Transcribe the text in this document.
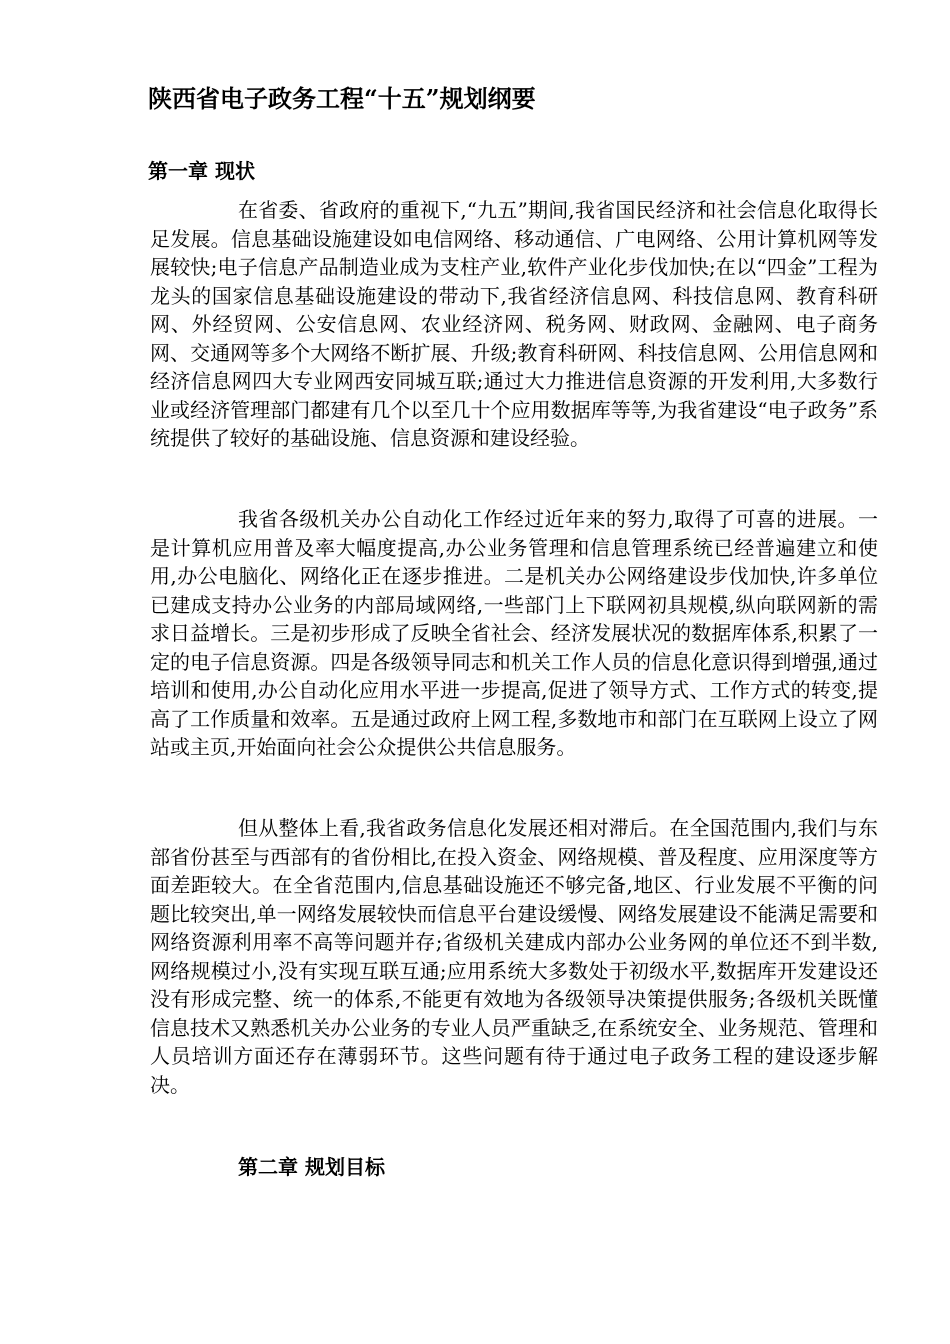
陕西省电子政务工程“十五”规划纲要
第一章 现状

在省委、省政府的重视下,“九五”期间,我省国民经济和社会信息化取得长足发展。信息基础设施建设如电信网络、移动通信、广电网络、公用计算机网等发展较快;电子信息产品制造业成为支柱产业,软件产业化步伐加快;在以“四金”工程为龙头的国家信息基础设施建设的带动下,我省经济信息网、科技信息网、教育科研网、外经贸网、公安信息网、农业经济网、税务网、财政网、金融网、电子商务网、交通网等多个大网络不断扩展、升级;教育科研网、科技信息网、公用信息网和经济信息网四大专业网西安同城互联;通过大力推进信息资源的开发利用,大多数行业或经济管理部门都建有几个以至几十个应用数据库等等,为我省建设“电子政务”系统提供了较好的基础设施、信息资源和建设经验。

我省各级机关办公自动化工作经过近年来的努力,取得了可喜的进展。一是计算机应用普及率大幅度提高,办公业务管理和信息管理系统已经普遍建立和使用,办公电脑化、网络化正在逐步推进。二是机关办公网络建设步伐加快,许多单位已建成支持办公业务的内部局域网络,一些部门上下联网初具规模,纵向联网新的需求日益增长。三是初步形成了反映全省社会、经济发展状况的数据库体系,积累了一定的电子信息资源。四是各级领导同志和机关工作人员的信息化意识得到增强,通过培训和使用,办公自动化应用水平进一步提高,促进了领导方式、工作方式的转变,提高了工作质量和效率。五是通过政府上网工程,多数地市和部门在互联网上设立了网站或主页,开始面向社会公众提供公共信息服务。

但从整体上看,我省政务信息化发展还相对滞后。在全国范围内,我们与东部省份甚至与西部有的省份相比,在投入资金、网络规模、普及程度、应用深度等方面差距较大。在全省范围内,信息基础设施还不够完备,地区、行业发展不平衡的问题比较突出,单一网络发展较快而信息平台建设缓慢、网络发展建设不能满足需要和网络资源利用率不高等问题并存;省级机关建成内部办公业务网的单位还不到半数,网络规模过小,没有实现互联互通;应用系统大多数处于初级水平,数据库开发建设还没有形成完整、统一的体系,不能更有效地为各级领导决策提供服务;各级机关既懂信息技术又熟悉机关办公业务的专业人员严重缺乏,在系统安全、业务规范、管理和人员培训方面还存在薄弱环节。这些问题有待于通过电子政务工程的建设逐步解决。

第二章 规划目标
